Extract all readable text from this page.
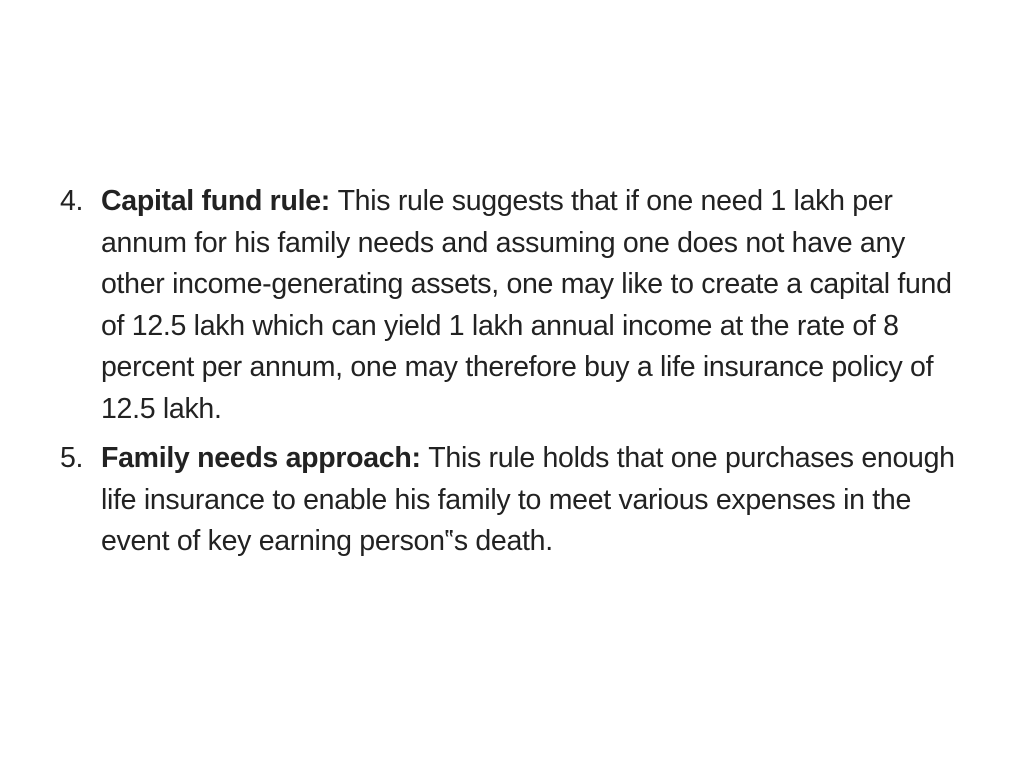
4. Capital fund rule: This rule suggests that if one need 1 lakh per annum for his family needs and assuming one does not have any other income-generating assets, one may like to create a capital fund of 12.5 lakh which can yield 1 lakh annual income at the rate of 8 percent per annum, one may therefore buy a life insurance policy of 12.5 lakh.
5. Family needs approach: This rule holds that one purchases enough life insurance to enable his family to meet various expenses in the event of key earning person‟s death.
